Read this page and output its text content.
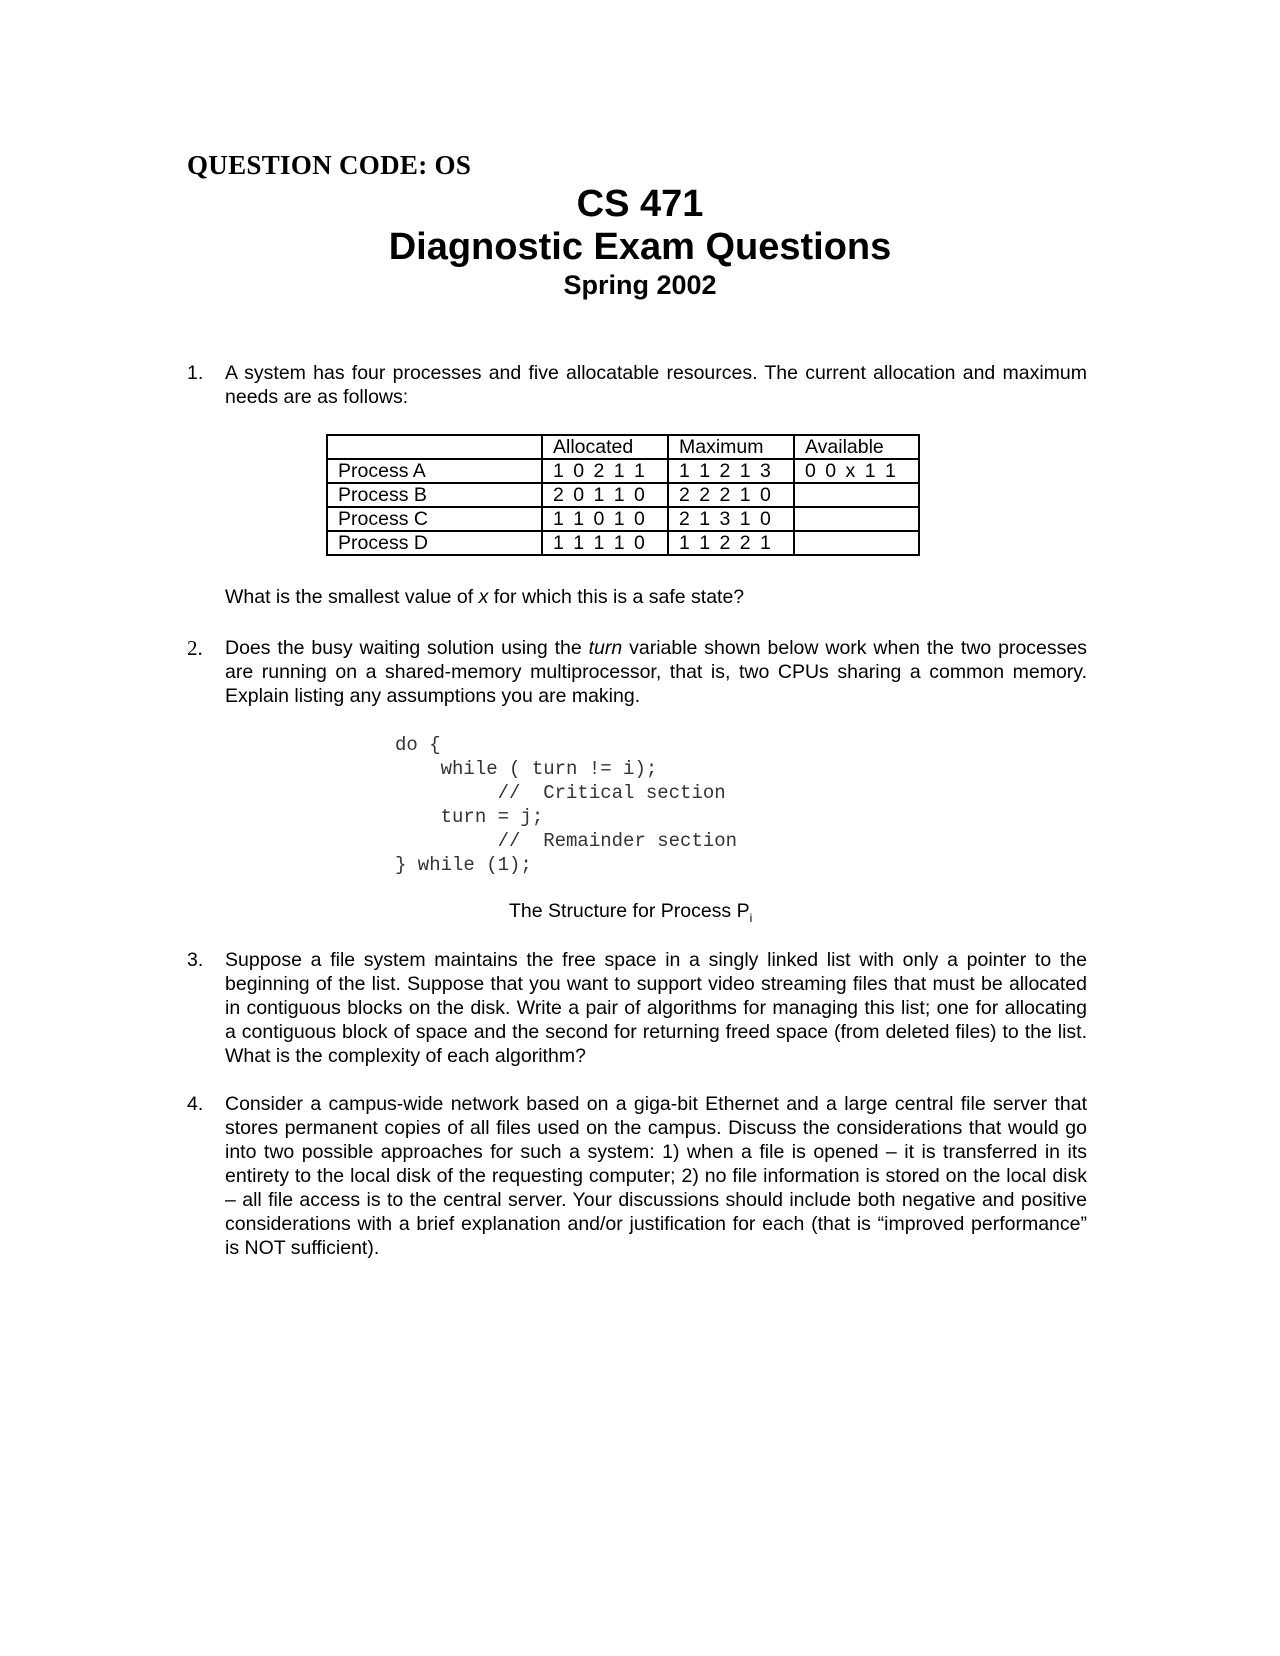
QUESTION CODE: OS
CS 471
Diagnostic Exam Questions
Spring 2002
1.	A system has four processes and five allocatable resources. The current allocation and maximum needs are as follows:
	Allocated	Maximum	Available
Process A	1 0 2 1 1	1 1 2 1 3	0 0 x 1 1
Process B	2 0 1 1 0	2 2 2 1 0	
Process C	1 1 0 1 0	2 1 3 1 0	
Process D	1 1 1 1 0	1 1 2 2 1	
What is the smallest value of x for which this is a safe state?
2.	Does the busy waiting solution using the turn variable shown below work when the two processes are running on a shared-memory multiprocessor, that is, two CPUs sharing a common memory. Explain listing any assumptions you are making.
do {
while ( turn != i);
//  Critical section
turn = j;
//  Remainder section
} while (1);
The Structure for Process $P_i$
3.	Suppose a file system maintains the free space in a singly linked list with only a pointer to the beginning of the list. Suppose that you want to support video streaming files that must be allocated in contiguous blocks on the disk. Write a pair of algorithms for managing this list; one for allocating a contiguous block of space and the second for returning freed space (from deleted files) to the list. What is the complexity of each algorithm?
4.	Consider a campus-wide network based on a giga-bit Ethernet and a large central file server that stores permanent copies of all files used on the campus. Discuss the considerations that would go into two possible approaches for such a system: 1) when a file is opened – it is transferred in its entirety to the local disk of the requesting computer; 2) no file information is stored on the local disk – all file access is to the central server. Your discussions should include both negative and positive considerations with a brief explanation and/or justification for each (that is “improved performance” is NOT sufficient).
